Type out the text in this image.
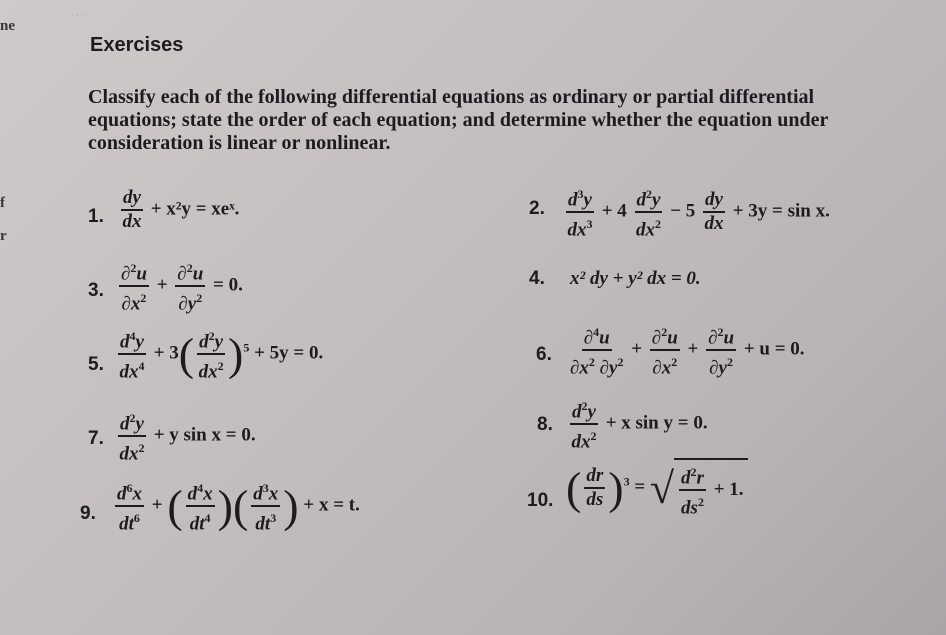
…
ne
f
r
Exercises

Classify each of the following differential equations as ordinary or partial differential equations; state the order of each equation; and determine whether the equation under consideration is linear or nonlinear.

1. $\frac{dy}{dx} + x^2y$ = xeˣ.	2. $\frac{d^3y}{dx^3} + 4 \frac{d^2y}{dx^2} - 5 \frac{dy}{dx} + 3y = \sin x$.
3. $\frac{\partial^2u}{\partial x^2} + \frac{\partial^2u}{\partial y^2} = 0$.	4. x² dy + y² dx = 0.
5. $\frac{d^4y}{dx^4} + 3( \frac{d^2y}{dx^2} )^5 + 5y = 0$.	6. $\frac{\partial^4u}{\partial x^2 \partial y^2} + \frac{\partial^2u}{\partial x^2} + \frac{\partial^2u}{\partial y^2} + u = 0$.
7. $\frac{d^2y}{dx^2} + y$ sin x = 0.
8. $\frac{d^2y}{dx^2} + x$ sin y = 0.
9. $\frac{d^6x}{dt^6}$ + ( $\frac{d^4x}{dt^4}$ )( $\frac{d^3x}{dt^3}$ ) + x = t.	10. ( $\frac{dr}{ds} )^3$ = √ $\frac{d^2r}{ds^2}$
+ 1.
